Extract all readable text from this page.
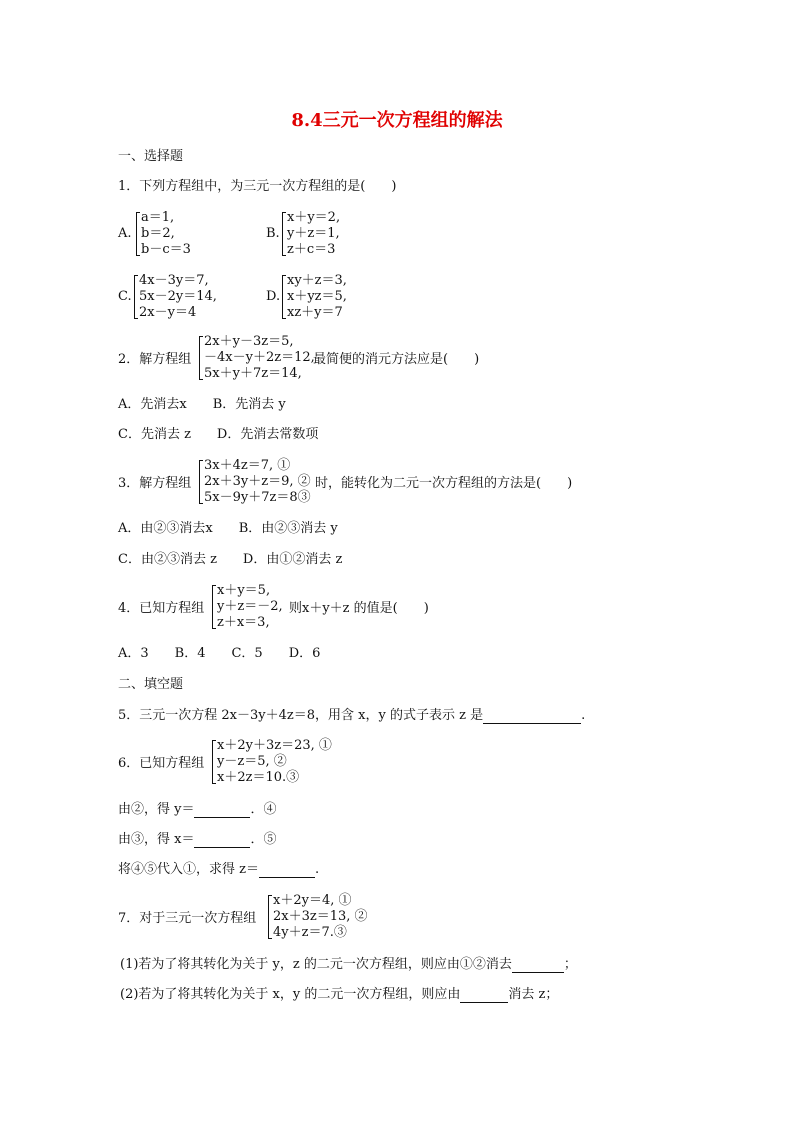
8.4三元一次方程组的解法
一、选择题
1．下列方程组中，为三元一次方程组的是(　　)
A.
a＝1,
b＝2,
b－c＝3
B.
x＋y＝2,
y＋z＝1,
z＋c＝3
C.
4x－3y＝7,
5x－2y＝14,
2x－y＝4
D.
xy＋z＝3,
x＋yz＝5,
xz＋y＝7
2．解方程组
2x＋y－3z＝5,
－4x－y＋2z＝12,
5x＋y＋7z＝14,
最简便的消元方法应是(　　)
A．先消去x　　B．先消去 y
C．先消去 z　　D．先消去常数项
3．解方程组
3x＋4z＝7, ①
2x＋3y＋z＝9, ②
5x－9y＋7z＝8③
时，能转化为二元一次方程组的方法是(　　)
A．由②③消去x　　B．由②③消去 y
C．由②③消去 z　　D．由①②消去 z
4．已知方程组
x＋y＝5,
y＋z＝－2,
z＋x＝3,
则x＋y＋z 的值是(　　)
A．3　　B．4　　C．5　　D．6
二、填空题
5．三元一次方程 2x－3y＋4z＝8，用含 x，y 的式子表示 z 是	.
6．已知方程组
x＋2y＋3z＝23, ①
y－z＝5, ②
x＋2z＝10.③
由②，得 y＝	．④
由③，得 x＝	．⑤
将④⑤代入①，求得 z＝	.
7．对于三元一次方程组
x＋2y＝4, ①
2x＋3z＝13, ②
4y＋z＝7.③
(1)若为了将其转化为关于 y，z 的二元一次方程组，则应由①②消去	；
(2)若为了将其转化为关于 x，y 的二元一次方程组，则应由	消去 z；
